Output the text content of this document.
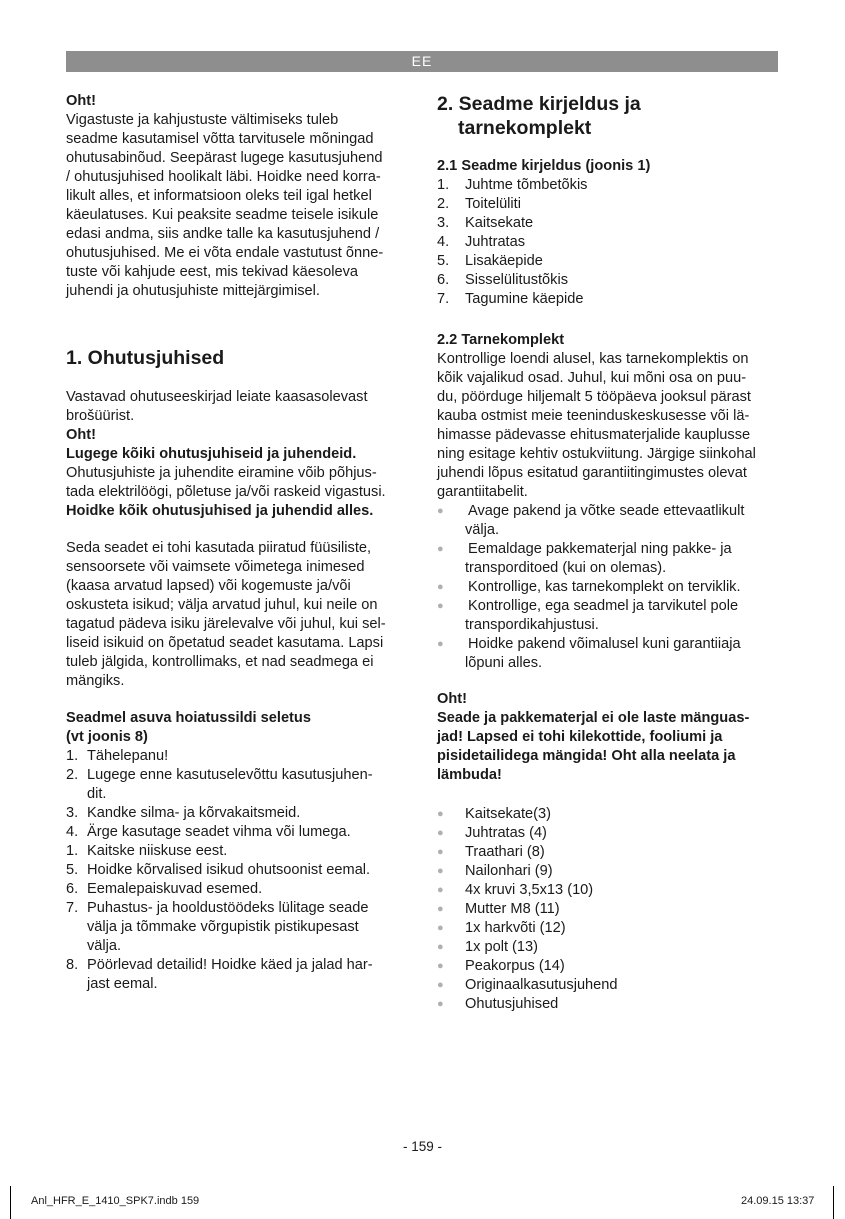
EE

Oht!

Vigastuste ja kahjustuste vältimiseks tuleb

seadme kasutamisel võtta tarvitusele mõningad

ohutusabinõud. Seepärast lugege kasutusjuhend

/ ohutusjuhised hoolikalt läbi. Hoidke need korra-

likult alles, et informatsioon oleks teil igal hetkel

käeulatuses. Kui peaksite seadme teisele isikule

edasi andma, siis andke talle ka kasutusjuhend /

ohutusjuhised. Me ei võta endale vastutust õnne-

tuste või kahjude eest, mis tekivad käesoleva

juhendi ja ohutusjuhiste mittejärgimisel.

1. Ohutusjuhised

Vastavad ohutuseeskirjad leiate kaasasolevast

brošüürist.

Oht!

Lugege kõiki ohutusjuhiseid ja juhendeid.

Ohutusjuhiste ja juhendite eiramine võib põhjus-

tada elektrilöögi, põletuse ja/või raskeid vigastusi.

Hoidke kõik ohutusjuhised ja juhendid alles.

Seda seadet ei tohi kasutada piiratud füüsiliste,

sensoorsete või vaimsete võimetega inimesed

(kaasa arvatud lapsed) või kogemuste ja/või

oskusteta isikud; välja arvatud juhul, kui neile on

tagatud pädeva isiku järelevalve või juhul, kui sel-

liseid isikuid on õpetatud seadet kasutama. Lapsi

tuleb jälgida, kontrollimaks, et nad seadmega ei

mängiks.

Seadmel asuva hoiatussildi seletus

(vt joonis 8)

1. Tähelepanu!
2. Lugege enne kasutuselevõttu kasutusjuhen-
dit.
3. Kandke silma- ja kõrvakaitsmeid.
4. Ärge kasutage seadet vihma või lumega.
1. Kaitske niiskuse eest.
5. Hoidke kõrvalised isikud ohutsoonist eemal.
6. Eemalepaiskuvad esemed.
7. Puhastus- ja hooldustöödeks lülitage seade
välja ja tõmmake võrgupistik pistikupesast
välja.
8. Pöörlevad detailid! Hoidke käed ja jalad har-
jast eemal.

2. Seadme kirjeldus ja

tarnekomplekt

2.1 Seadme kirjeldus (joonis 1)

1. Juhtme tõmbetõkis
2. Toitelüliti
3. Kaitsekate
4. Juhtratas
5. Lisakäepide
6. Sisselülitustõkis
7. Tagumine käepide

2.2 Tarnekomplekt

Kontrollige loendi alusel, kas tarnekomplektis on

kõik vajalikud osad. Juhul, kui mõni osa on puu-

du, pöörduge hiljemalt 5 tööpäeva jooksul pärast

kauba ostmist meie teeninduskeskusesse või lä-

himasse pädevasse ehitusmaterjalide kauplusse

ning esitage kehtiv ostukviitung. Järgige siinkohal

juhendi lõpus esitatud garantiitingimustes olevat

garantiitabelit.

● Avage pakend ja võtke seade ettevaatlikult
välja.
● Eemaldage pakkematerjal ning pakke- ja
transporditoed (kui on olemas).
● Kontrollige, kas tarnekomplekt on terviklik.
● Kontrollige, ega seadmel ja tarvikutel pole
transpordikahjustusi.
● Hoidke pakend võimalusel kuni garantiiaja
lõpuni alles.

Oht!

Seade ja pakkematerjal ei ole laste mänguas-

jad! Lapsed ei tohi kilekottide, fooliumi ja

pisidetailidega mängida! Oht alla neelata ja

lämbuda!

● Kaitsekate(3)
● Juhtratas (4)
● Traathari (8)
● Nailonhari (9)
● 4x kruvi 3,5x13 (10)
● Mutter M8 (11)
● 1x harkvõti (12)
● 1x polt (13)
● Peakorpus (14)
● Originaalkasutusjuhend
● Ohutusjuhised
- 159 -
Anl_HFR_E_1410_SPK7.indb 159	24.09.15 13:37
